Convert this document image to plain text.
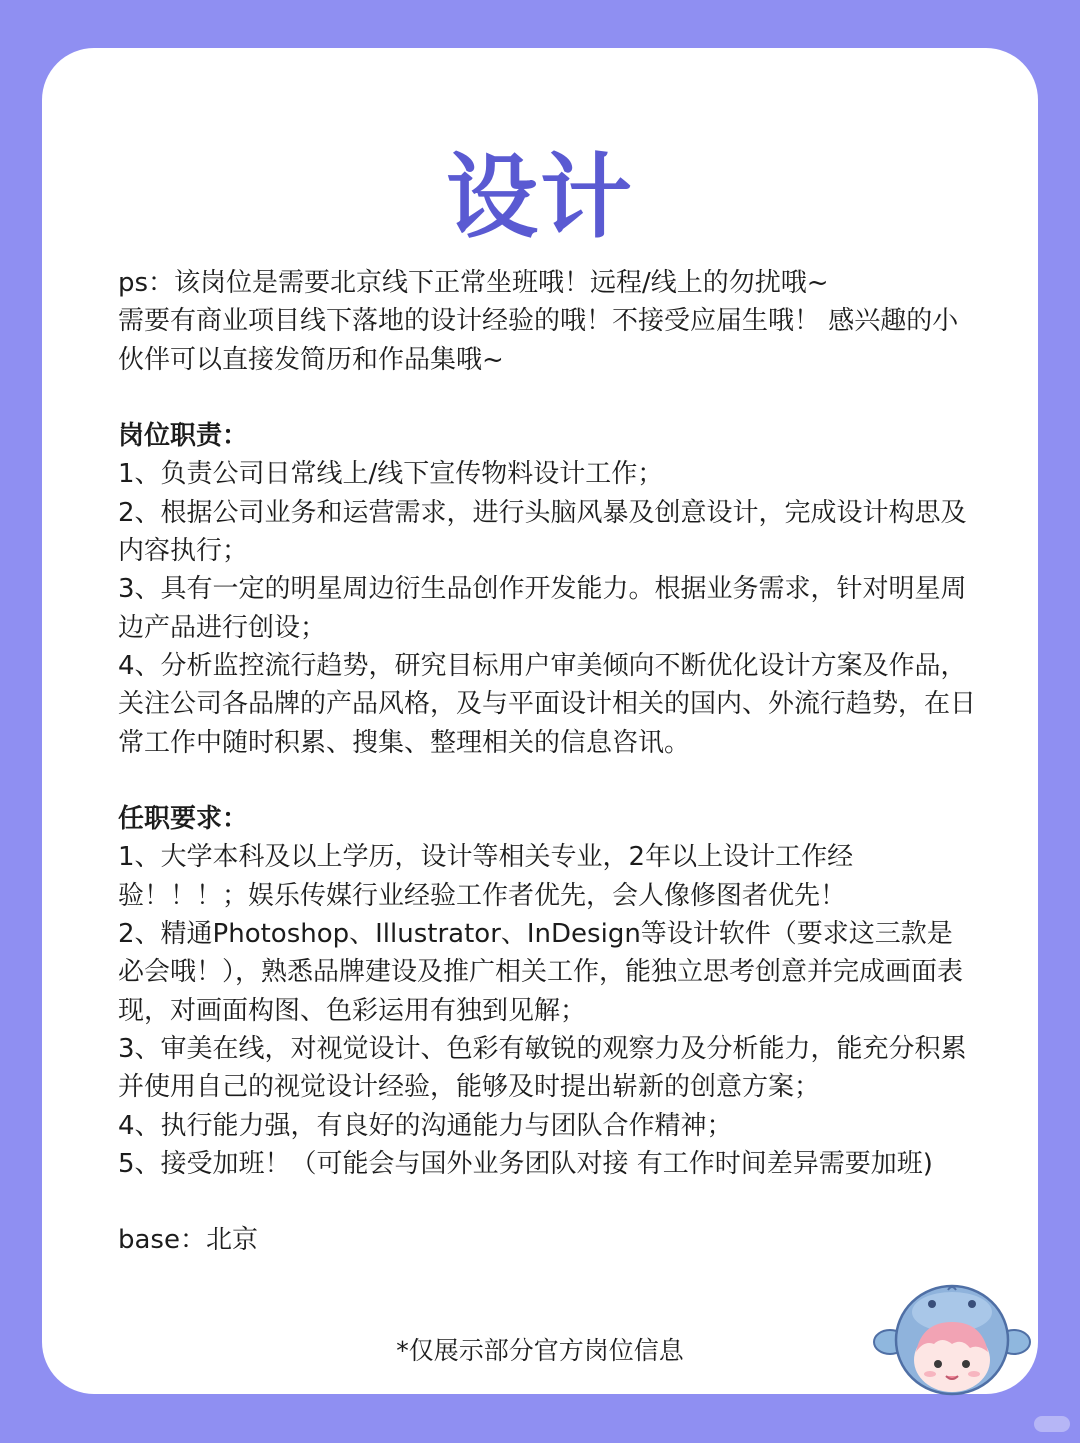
设计

ps：该岗位是需要北京线下正常坐班哦！远程/线上的勿扰哦~

需要有商业项目线下落地的设计经验的哦！不接受应届生哦！ 感兴趣的小伙伴可以直接发简历和作品集哦~

岗位职责：

1、负责公司日常线上/线下宣传物料设计工作；

2、根据公司业务和运营需求，进行头脑风暴及创意设计，完成设计构思及内容执行；

3、具有一定的明星周边衍生品创作开发能力。根据业务需求，针对明星周边产品进行创设；

4、分析监控流行趋势，研究目标用户审美倾向不断优化设计方案及作品，关注公司各品牌的产品风格，及与平面设计相关的国内、外流行趋势，在日常工作中随时积累、搜集、整理相关的信息咨讯。

任职要求：

1、大学本科及以上学历，设计等相关专业，2年以上设计工作经验！！！；娱乐传媒行业经验工作者优先，会人像修图者优先！

2、精通Photoshop、Illustrator、InDesign等设计软件（要求这三款是必会哦！），熟悉品牌建设及推广相关工作，能独立思考创意并完成画面表现，对画面构图、色彩运用有独到见解；

3、审美在线，对视觉设计、色彩有敏锐的观察力及分析能力，能充分积累并使用自己的视觉设计经验，能够及时提出崭新的创意方案；

4、执行能力强，有良好的沟通能力与团队合作精神；

5、接受加班！（可能会与国外业务团队对接 有工作时间差异需要加班)

base：北京

*仅展示部分官方岗位信息
